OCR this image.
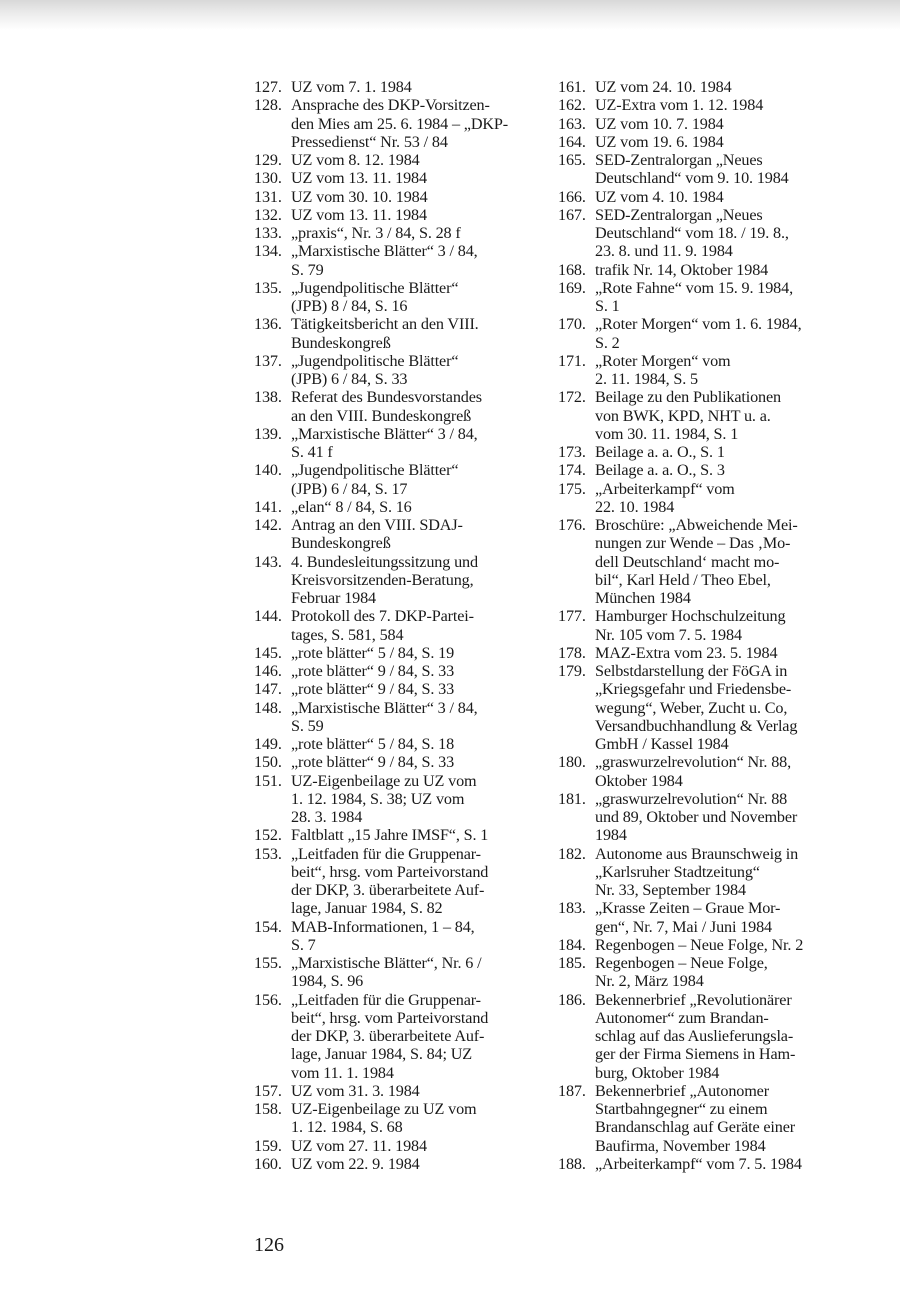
127. UZ vom 7. 1. 1984
128. Ansprache des DKP-Vorsitzen-
den Mies am 25. 6. 1984 – „DKP-
Pressedienst“ Nr. 53 / 84
129. UZ vom 8. 12. 1984
130. UZ vom 13. 11. 1984
131. UZ vom 30. 10. 1984
132. UZ vom 13. 11. 1984
133. „praxis“, Nr. 3 / 84, S. 28 f
134. „Marxistische Blätter“ 3 / 84,
S. 79
135. „Jugendpolitische Blätter“
(JPB) 8 / 84, S. 16
136. Tätigkeitsbericht an den VIII.
Bundeskongreß
137. „Jugendpolitische Blätter“
(JPB) 6 / 84, S. 33
138. Referat des Bundesvorstandes
an den VIII. Bundeskongreß
139. „Marxistische Blätter“ 3 / 84,
S. 41 f
140. „Jugendpolitische Blätter“
(JPB) 6 / 84, S. 17
141. „elan“ 8 / 84, S. 16
142. Antrag an den VIII. SDAJ-
Bundeskongreß
143. 4. Bundesleitungssitzung und
Kreisvorsitzenden-Beratung,
Februar 1984
144. Protokoll des 7. DKP-Partei-
tages, S. 581, 584
145. „rote blätter“ 5 / 84, S. 19
146. „rote blätter“ 9 / 84, S. 33
147. „rote blätter“ 9 / 84, S. 33
148. „Marxistische Blätter“ 3 / 84,
S. 59
149. „rote blätter“ 5 / 84, S. 18
150. „rote blätter“ 9 / 84, S. 33
151. UZ-Eigenbeilage zu UZ vom
1. 12. 1984, S. 38; UZ vom
28. 3. 1984
152. Faltblatt „15 Jahre IMSF“, S. 1
153. „Leitfaden für die Gruppenar-
beit“, hrsg. vom Parteivorstand
der DKP, 3. überarbeitete Auf-
lage, Januar 1984, S. 82
154. MAB-Informationen, 1 – 84,
S. 7
155. „Marxistische Blätter“, Nr. 6 /
1984, S. 96
156. „Leitfaden für die Gruppenar-
beit“, hrsg. vom Parteivorstand
der DKP, 3. überarbeitete Auf-
lage, Januar 1984, S. 84; UZ
vom 11. 1. 1984
157. UZ vom 31. 3. 1984
158. UZ-Eigenbeilage zu UZ vom
1. 12. 1984, S. 68
159. UZ vom 27. 11. 1984
160. UZ vom 22. 9. 1984
161. UZ vom 24. 10. 1984
162. UZ-Extra vom 1. 12. 1984
163. UZ vom 10. 7. 1984
164. UZ vom 19. 6. 1984
165. SED-Zentralorgan „Neues
Deutschland“ vom 9. 10. 1984
166. UZ vom 4. 10. 1984
167. SED-Zentralorgan „Neues
Deutschland“ vom 18. / 19. 8.,
23. 8. und 11. 9. 1984
168. trafik Nr. 14, Oktober 1984
169. „Rote Fahne“ vom 15. 9. 1984,
S. 1
170. „Roter Morgen“ vom 1. 6. 1984,
S. 2
171. „Roter Morgen“ vom
2. 11. 1984, S. 5
172. Beilage zu den Publikationen
von BWK, KPD, NHT u. a.
vom 30. 11. 1984, S. 1
173. Beilage a. a. O., S. 1
174. Beilage a. a. O., S. 3
175. „Arbeiterkampf“ vom
22. 10. 1984
176. Broschüre: „Abweichende Mei-
nungen zur Wende – Das ‚Mo-
dell Deutschland‘ macht mo-
bil“, Karl Held / Theo Ebel,
München 1984
177. Hamburger Hochschulzeitung
Nr. 105 vom 7. 5. 1984
178. MAZ-Extra vom 23. 5. 1984
179. Selbstdarstellung der FöGA in
„Kriegsgefahr und Friedensbe-
wegung“, Weber, Zucht u. Co,
Versandbuchhandlung & Verlag
GmbH / Kassel 1984
180. „graswurzelrevolution“ Nr. 88,
Oktober 1984
181. „graswurzelrevolution“ Nr. 88
und 89, Oktober und November
1984
182. Autonome aus Braunschweig in
„Karlsruher Stadtzeitung“
Nr. 33, September 1984
183. „Krasse Zeiten – Graue Mor-
gen“, Nr. 7, Mai / Juni 1984
184. Regenbogen – Neue Folge, Nr. 2
185. Regenbogen – Neue Folge,
Nr. 2, März 1984
186. Bekennerbrief „Revolutionärer
Autonomer“ zum Brandan-
schlag auf das Auslieferungsla-
ger der Firma Siemens in Ham-
burg, Oktober 1984
187. Bekennerbrief „Autonomer
Startbahngegner“ zu einem
Brandanschlag auf Geräte einer
Baufirma, November 1984
188. „Arbeiterkampf“ vom 7. 5. 1984
126
